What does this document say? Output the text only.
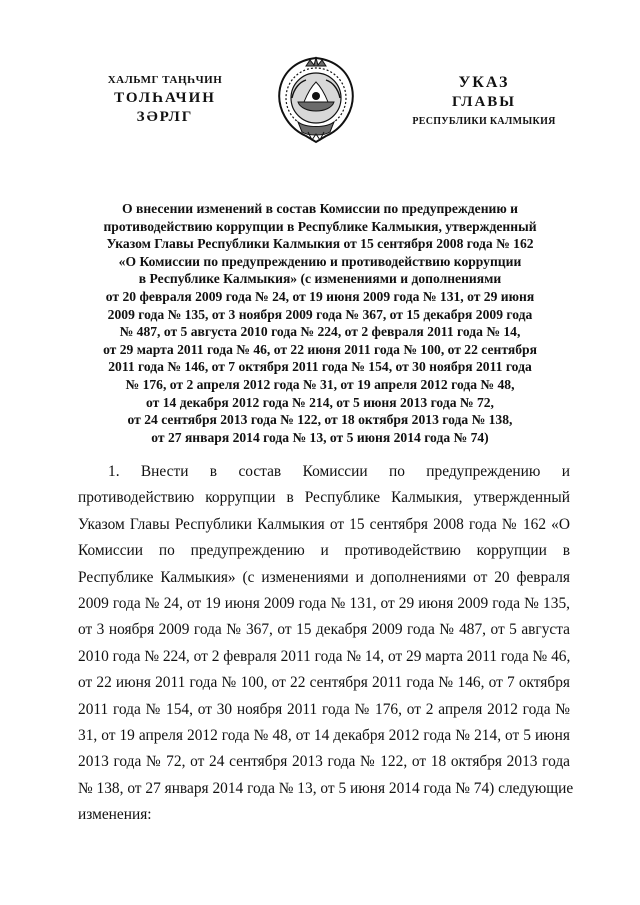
ХАЛЬМГ ТАҢҺЧИН
ТОЛҺАЧИН
ЗӘРЛГ
УКАЗ
ГЛАВЫ
РЕСПУБЛИКИ КАЛМЫКИЯ
О внесении изменений в состав Комиссии по предупреждению и
противодействию коррупции в Республике Калмыкия, утвержденный
Указом Главы Республики Калмыкия от 15 сентября 2008 года № 162
«О Комиссии по предупреждению и противодействию коррупции
в Республике Калмыкия» (с изменениями и дополнениями
от 20 февраля 2009 года № 24, от 19 июня 2009 года № 131, от 29 июня
2009 года № 135, от 3 ноября 2009 года № 367, от 15 декабря 2009 года
№ 487, от 5 августа 2010 года № 224, от 2 февраля 2011 года № 14,
от 29 марта 2011 года № 46, от 22 июня 2011 года № 100, от 22 сентября
2011 года № 146, от 7 октября 2011 года № 154, от 30 ноября 2011 года
№ 176, от 2 апреля 2012 года № 31, от 19 апреля 2012 года № 48,
от 14 декабря 2012 года № 214, от 5 июня 2013 года № 72,
от 24 сентября 2013 года № 122, от 18 октября 2013 года № 138,
от 27 января 2014 года № 13, от 5 июня 2014 года № 74)
1. Внести в состав Комиссии по предупреждению и
противодействию коррупции в Республике Калмыкия, утвержденный
Указом Главы Республики Калмыкия от 15 сентября 2008 года № 162 «О
Комиссии по предупреждению и противодействию коррупции в
Республике Калмыкия» (с изменениями и дополнениями от 20 февраля
2009 года № 24, от 19 июня 2009 года № 131, от 29 июня 2009 года № 135,
от 3 ноября 2009 года № 367, от 15 декабря 2009 года № 487, от 5 августа
2010 года № 224, от 2 февраля 2011 года № 14, от 29 марта 2011 года № 46,
от 22 июня 2011 года № 100, от 22 сентября 2011 года № 146, от 7 октября
2011 года № 154, от 30 ноября 2011 года № 176, от 2 апреля 2012 года №
31, от 19 апреля 2012 года № 48, от 14 декабря 2012 года № 214, от 5 июня
2013 года № 72, от 24 сентября 2013 года № 122, от 18 октября 2013 года
№ 138, от 27 января 2014 года № 13, от 5 июня 2014 года № 74) следующие
изменения:
